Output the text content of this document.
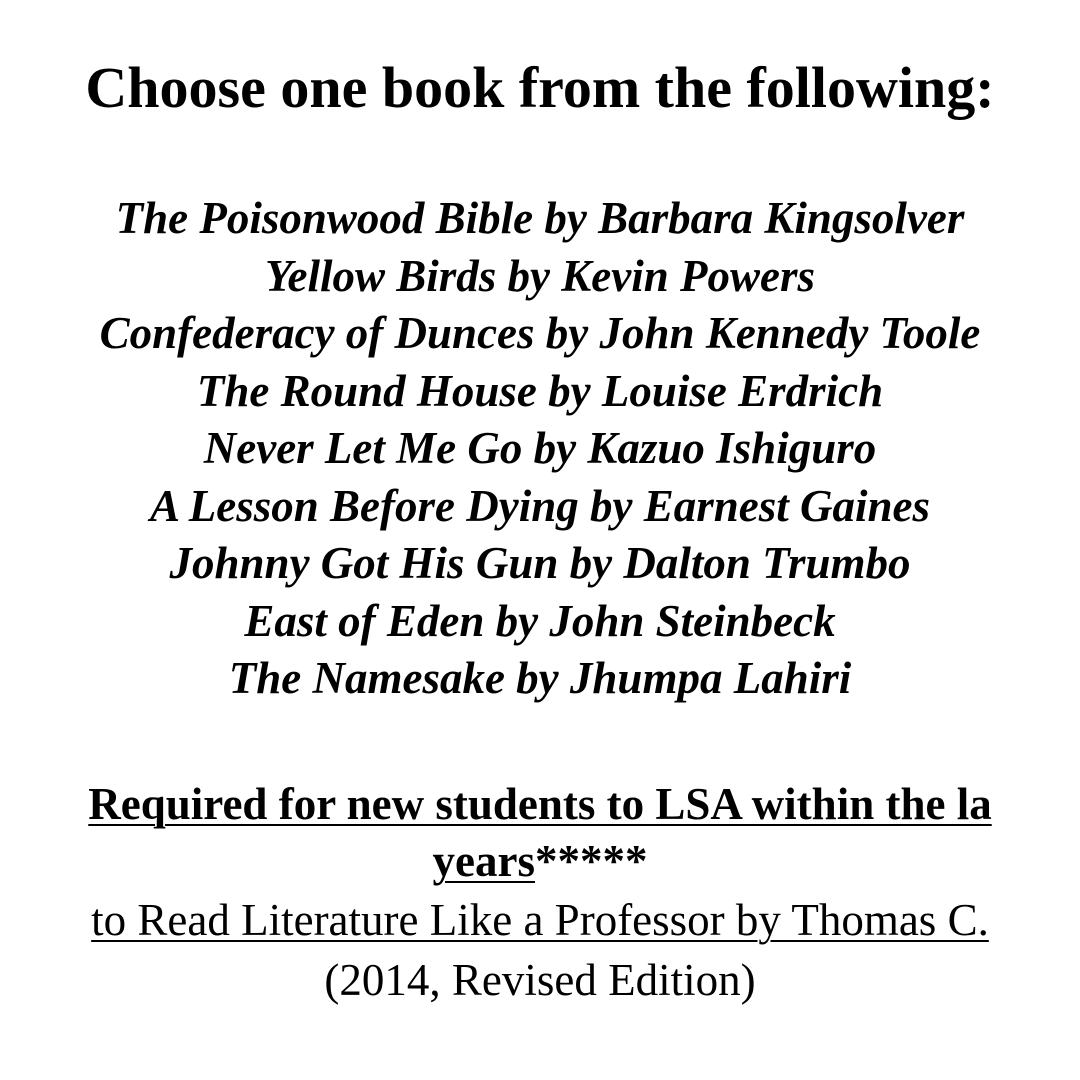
Choose one book from the following:
The Poisonwood Bible by Barbara Kingsolver
Yellow Birds by Kevin Powers
Confederacy of Dunces by John Kennedy Toole
The Round House by Louise Erdrich
Never Let Me Go by Kazuo Ishiguro
A Lesson Before Dying by Earnest Gaines
Johnny Got His Gun by Dalton Trumbo
East of Eden by John Steinbeck
The Namesake by Jhumpa Lahiri
Required for new students to LSA within the la
years*****
to Read Literature Like a Professor by Thomas C.
(2014, Revised Edition)
